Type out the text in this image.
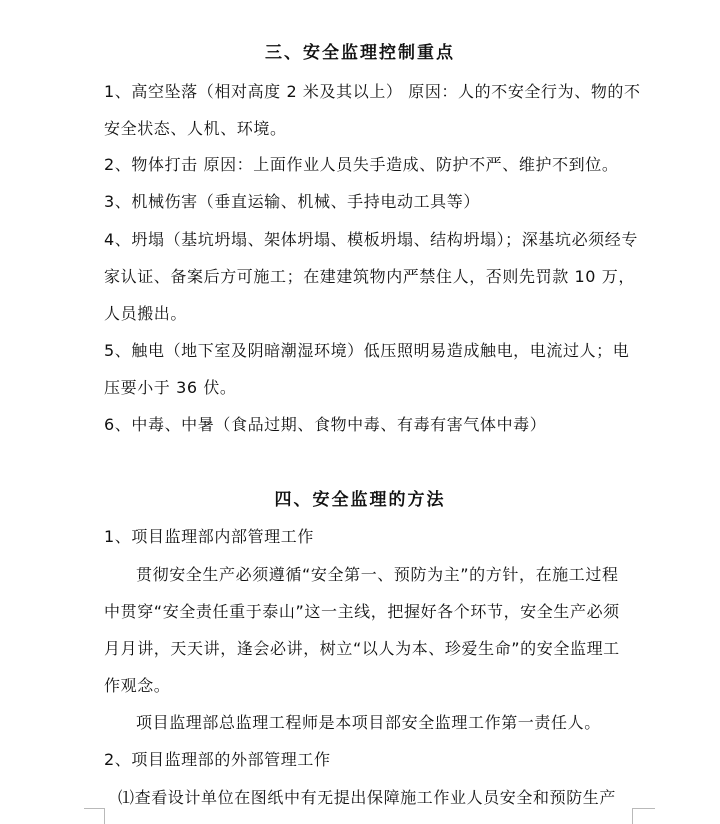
三、安全监理控制重点
1、高空坠落（相对高度 2 米及其以上） 原因：人的不安全行为、物的不
安全状态、人机、环境。
2、物体打击 原因：上面作业人员失手造成、防护不严、维护不到位。
3、机械伤害（垂直运输、机械、手持电动工具等）
4、坍塌（基坑坍塌、架体坍塌、模板坍塌、结构坍塌）；深基坑必须经专
家认证、备案后方可施工；在建建筑物内严禁住人，否则先罚款 10 万，
人员搬出。
5、触电（地下室及阴暗潮湿环境）低压照明易造成触电，电流过人；电
压要小于 36 伏。
6、中毒、中暑（食品过期、食物中毒、有毒有害气体中毒）
四、安全监理的方法
1、项目监理部内部管理工作
贯彻安全生产必须遵循“安全第一、预防为主”的方针，在施工过程
中贯穿“安全责任重于泰山”这一主线，把握好各个环节，安全生产必须
月月讲，天天讲，逢会必讲，树立“以人为本、珍爱生命”的安全监理工
作观念。
项目监理部总监理工程师是本项目部安全监理工作第一责任人。
2、项目监理部的外部管理工作
⑴查看设计单位在图纸中有无提出保障施工作业人员安全和预防生产
